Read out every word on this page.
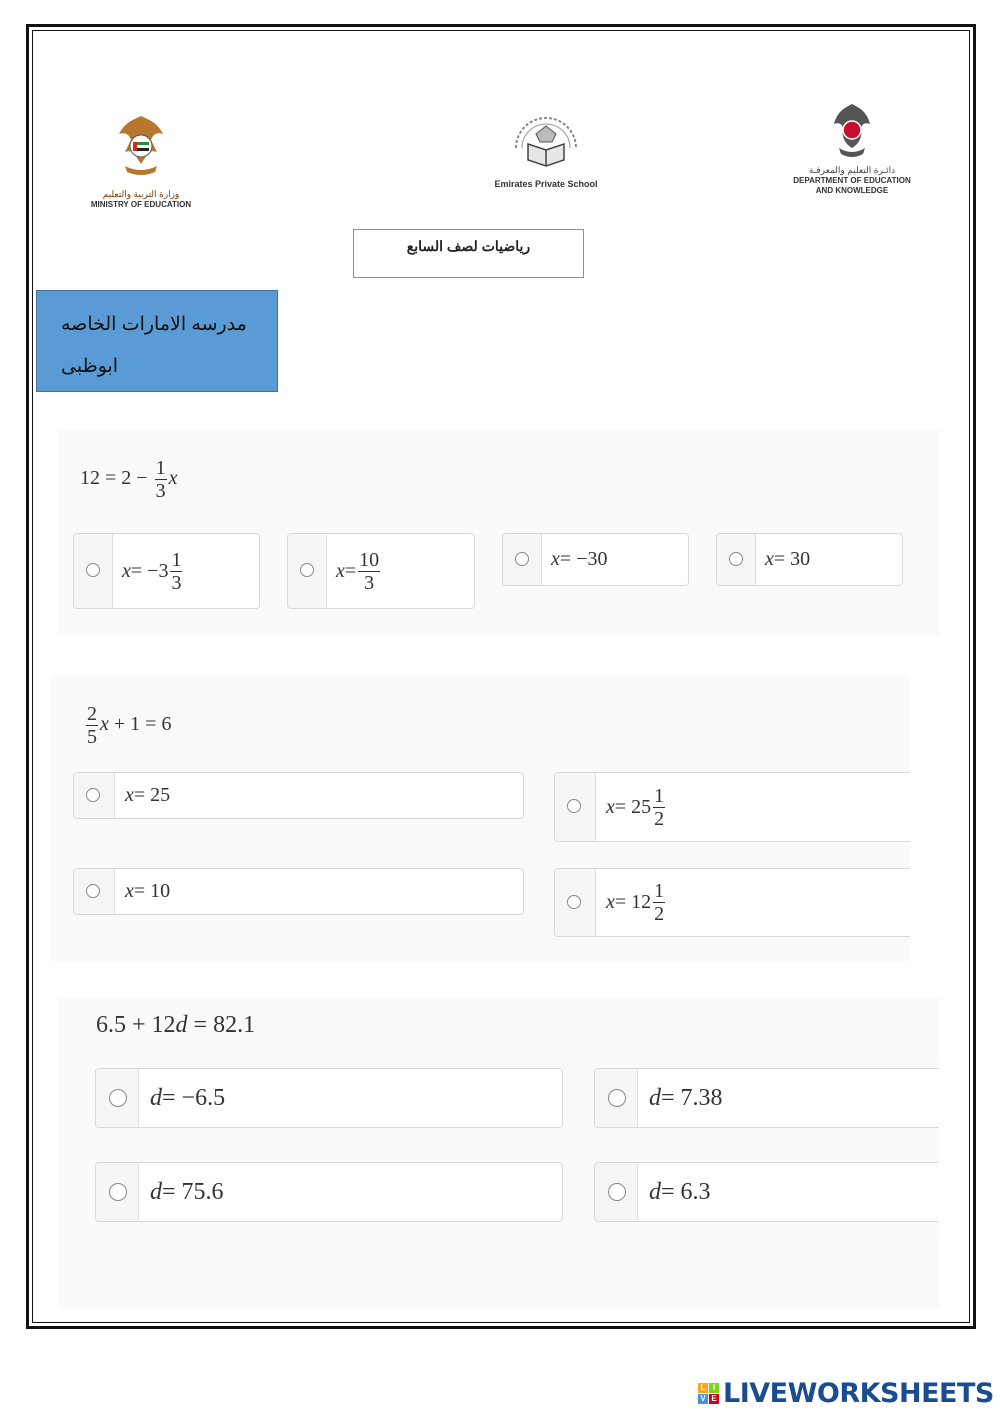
وزارة التربية والتعليم
MINISTRY OF EDUCATION
Emirates Private School
دائـرة التعليم والمعرفـة
DEPARTMENT OF EDUCATION
AND KNOWLEDGE
رياضيات لصف السابع
مدرسه الامارات الخاصه
ابوظبى
$12 = 2 - \frac{1}{3}$ x
$x = -3 \frac{1}{3}$	$x = \frac{10}{3}$	x = −30	x = 30
$\frac{2}{5}$ x + 1 = 6
x = 25
$x = 25 \frac{1}{2}$
x = 10	$x = 12 \frac{1}{2}$
6.5 + 12d = 82.1
d = −6.5	d = 7.38
d = 75.6	d = 6.3
L I
V E LIVEWORKSHEETS
